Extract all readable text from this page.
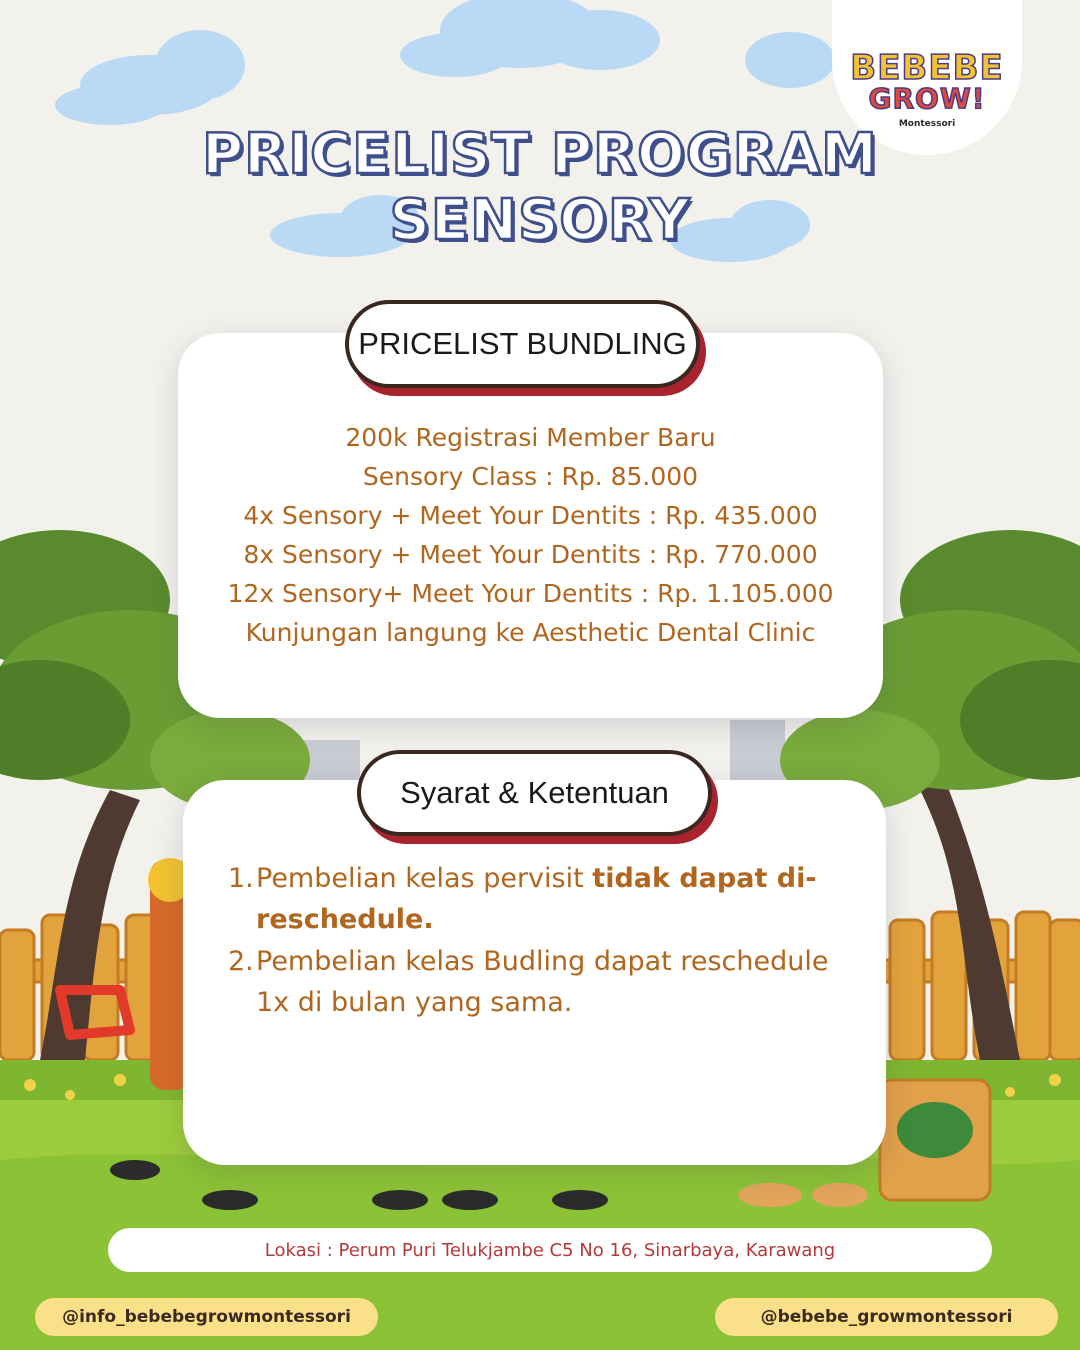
BEBEBE
GROW!
Montessori
PRICELIST PROGRAM
SENSORY
PRICELIST BUNDLING
200k Registrasi Member Baru
Sensory Class : Rp. 85.000
4x Sensory + Meet Your Dentits : Rp. 435.000
8x Sensory + Meet Your Dentits : Rp. 770.000
12x Sensory+ Meet Your Dentits : Rp. 1.105.000
Kunjungan langung ke Aesthetic Dental Clinic
Syarat & Ketentuan
1. Pembelian kelas pervisit tidak dapat di-reschedule.
2. Pembelian kelas Budling dapat reschedule 1x di bulan yang sama.
Lokasi : Perum Puri Telukjambe C5 No 16, Sinarbaya, Karawang
@info_bebebegrowmontessori	@bebebe_growmontessori
